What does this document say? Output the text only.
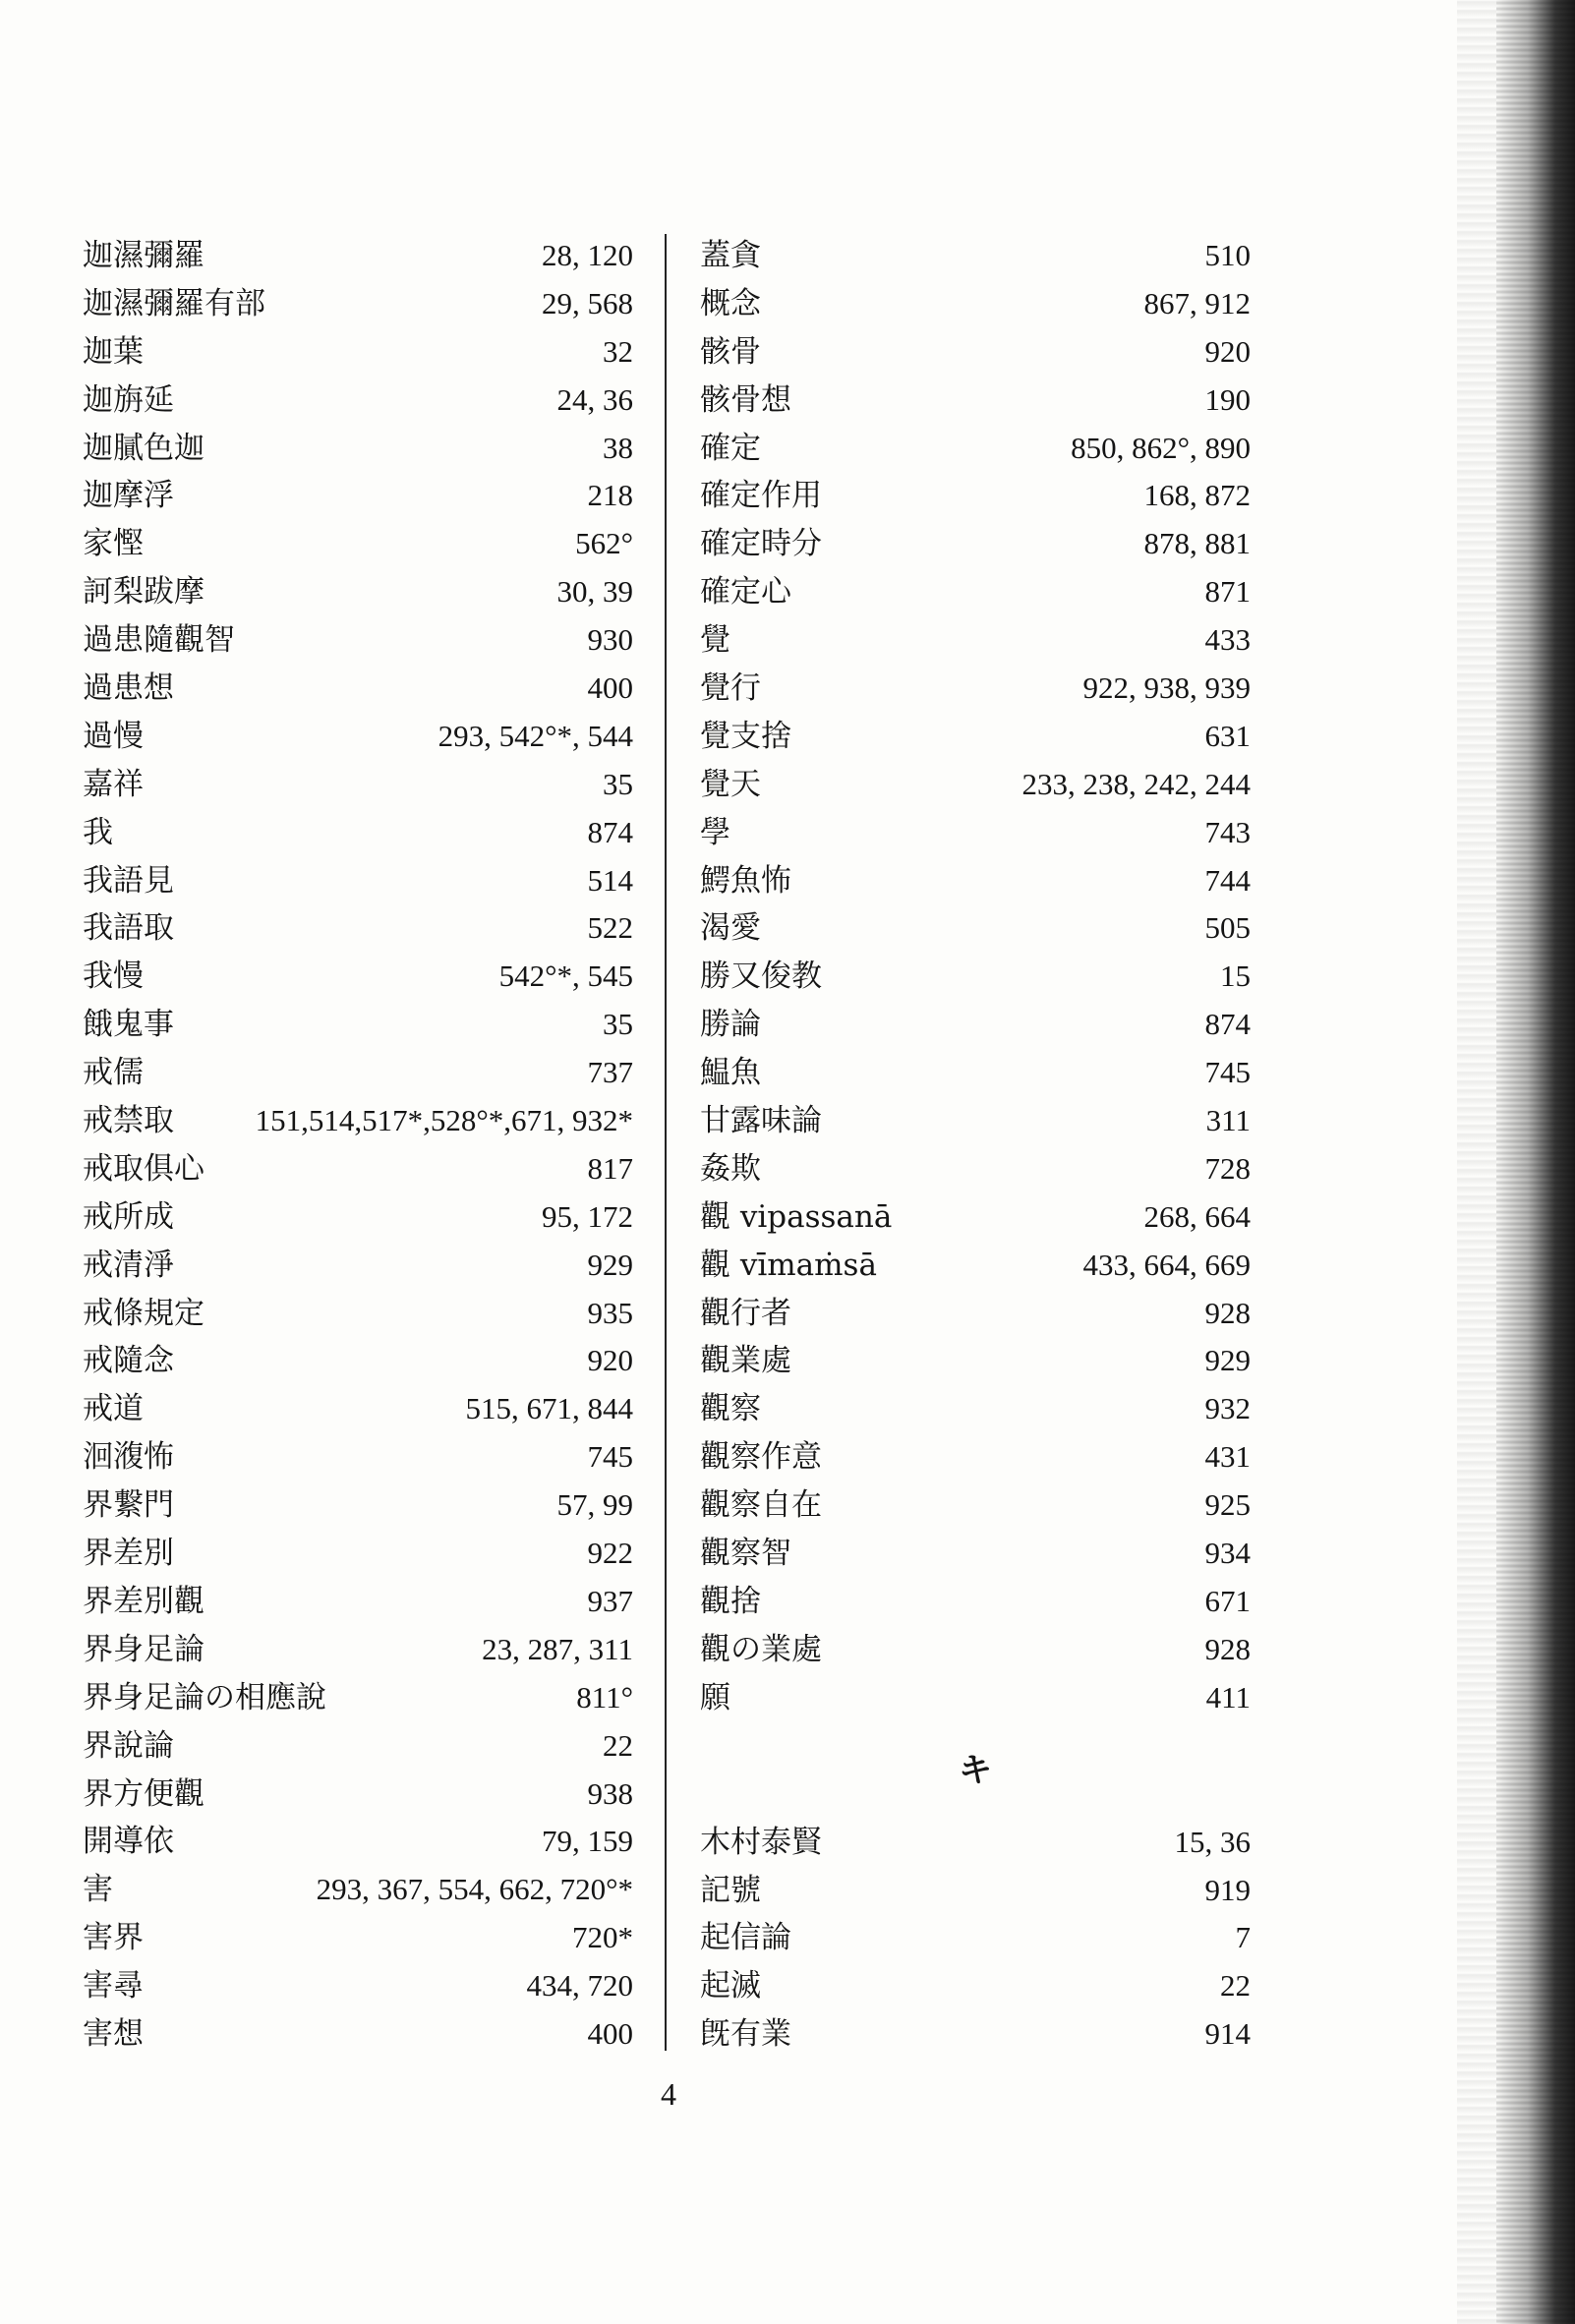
迦濕彌羅	28, 120
迦濕彌羅有部	29, 568
迦葉	32
迦旃延	24, 36
迦膩色迦	38
迦摩浮	218
家慳	562°
訶梨跋摩	30, 39
過患隨觀智	930
過患想	400
過慢	293, 542°*, 544
嘉祥	35
我	874
我語見	514
我語取	522
我慢	542°*, 545
餓鬼事	35
戒儒	737
戒禁取	151,514,517*,528°*,671, 932*
戒取俱心	817
戒所成	95, 172
戒清淨	929
戒條規定	935
戒隨念	920
戒道	515, 671, 844
洄澓怖	745
界繋門	57, 99
界差別	922
界差別觀	937
界身足論	23, 287, 311
界身足論の相應說	811°
界說論	22
界方便觀	938
開導依	79, 159
害	293, 367, 554, 662, 720°*
害界	720*
害尋	434, 720
害想	400
蓋貪	510
概念	867, 912
骸骨	920
骸骨想	190
確定	850, 862°, 890
確定作用	168, 872
確定時分	878, 881
確定心	871
覺	433
覺行	922, 938, 939
覺支捨	631
覺天	233, 238, 242, 244
學	743
鰐魚怖	744
渴愛	505
勝又俊教	15
勝論	874
鰛魚	745
甘露味論	311
姦欺	728
觀 vipassanā	268, 664
觀 vīmaṁsā	433, 664, 669
觀行者	928
觀業處	929
觀察	932
觀察作意	431
觀察自在	925
觀察智	934
觀捨	671
觀の業處	928
願	411
キ
木村泰賢	15, 36
記號	919
起信論	7
起滅	22
旣有業	914
4
